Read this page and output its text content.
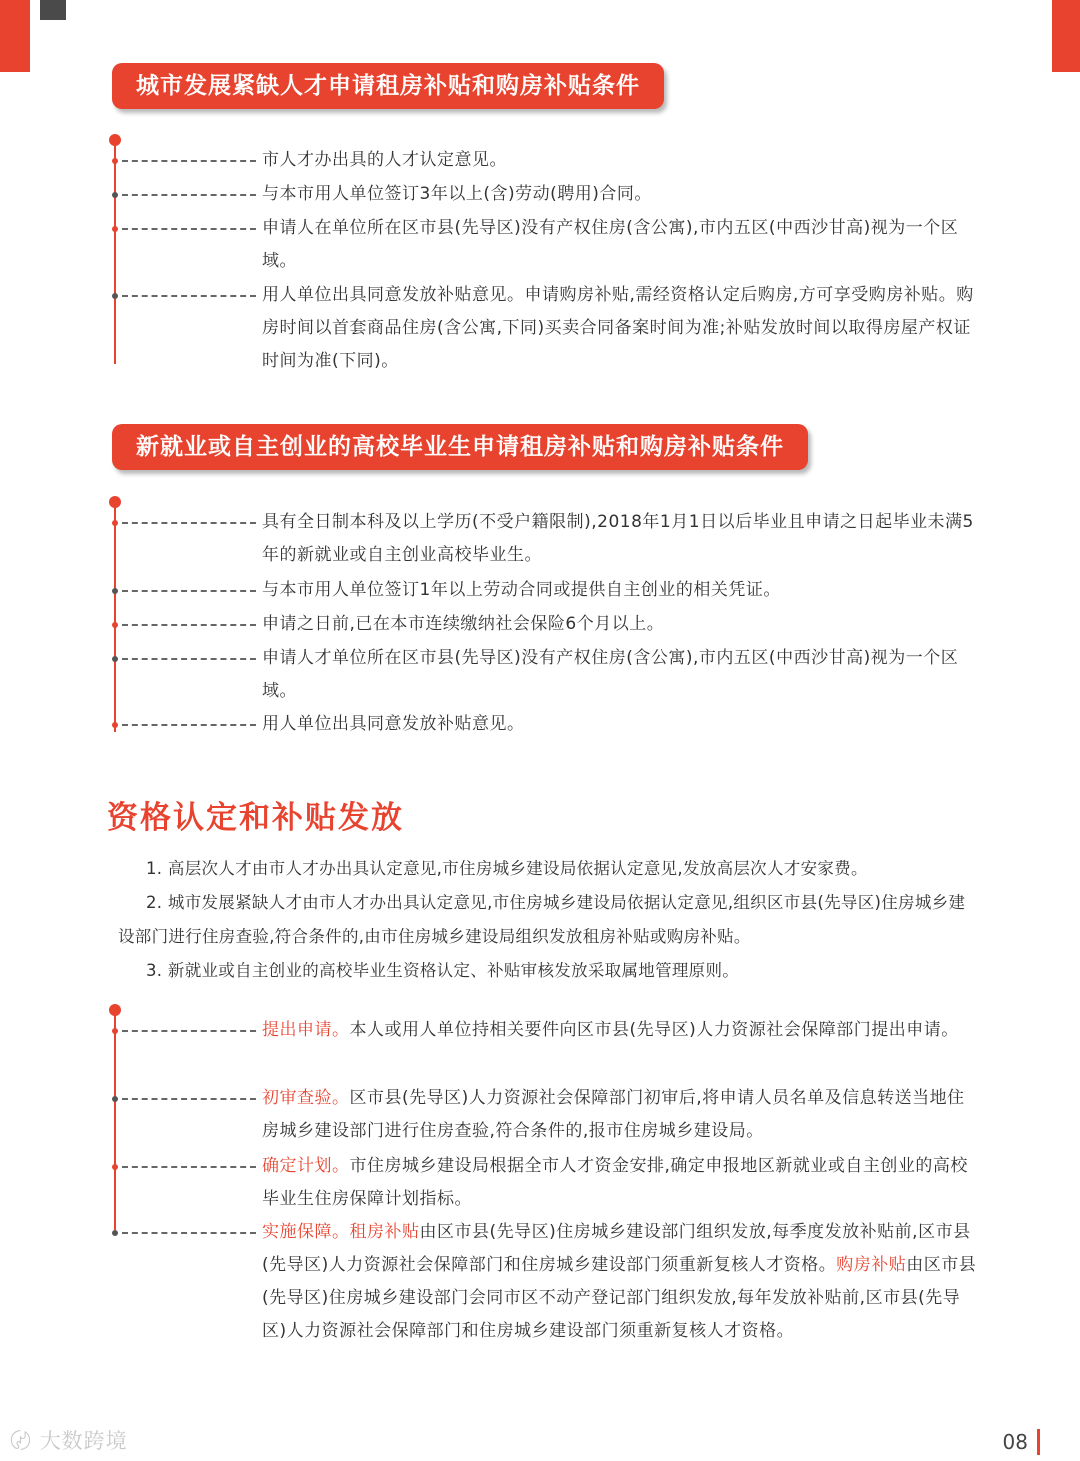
城市发展紧缺人才申请租房补贴和购房补贴条件
市人才办出具的人才认定意见。
与本市用人单位签订3年以上(含)劳动(聘用)合同。
申请人在单位所在区市县(先导区)没有产权住房(含公寓),市内五区(中西沙甘高)视为一个区域。
用人单位出具同意发放补贴意见。申请购房补贴,需经资格认定后购房,方可享受购房补贴。购房时间以首套商品住房(含公寓,下同)买卖合同备案时间为准;补贴发放时间以取得房屋产权证时间为准(下同)。
新就业或自主创业的高校毕业生申请租房补贴和购房补贴条件
具有全日制本科及以上学历(不受户籍限制),2018年1月1日以后毕业且申请之日起毕业未满5年的新就业或自主创业高校毕业生。
与本市用人单位签订1年以上劳动合同或提供自主创业的相关凭证。
申请之日前,已在本市连续缴纳社会保险6个月以上。
申请人才单位所在区市县(先导区)没有产权住房(含公寓),市内五区(中西沙甘高)视为一个区域。
用人单位出具同意发放补贴意见。
资格认定和补贴发放
1. 高层次人才由市人才办出具认定意见,市住房城乡建设局依据认定意见,发放高层次人才安家费。
2. 城市发展紧缺人才由市人才办出具认定意见,市住房城乡建设局依据认定意见,组织区市县(先导区)住房城乡建设部门进行住房查验,符合条件的,由市住房城乡建设局组织发放租房补贴或购房补贴。
3. 新就业或自主创业的高校毕业生资格认定、补贴审核发放采取属地管理原则。
提出申请。本人或用人单位持相关要件向区市县(先导区)人力资源社会保障部门提出申请。
初审查验。区市县(先导区)人力资源社会保障部门初审后,将申请人员名单及信息转送当地住房城乡建设部门进行住房查验,符合条件的,报市住房城乡建设局。
确定计划。市住房城乡建设局根据全市人才资金安排,确定申报地区新就业或自主创业的高校毕业生住房保障计划指标。
实施保障。租房补贴由区市县(先导区)住房城乡建设部门组织发放,每季度发放补贴前,区市县(先导区)人力资源社会保障部门和住房城乡建设部门须重新复核人才资格。购房补贴由区市县(先导区)住房城乡建设部门会同市区不动产登记部门组织发放,每年发放补贴前,区市县(先导区)人力资源社会保障部门和住房城乡建设部门须重新复核人才资格。
〄 大数跨境	08
